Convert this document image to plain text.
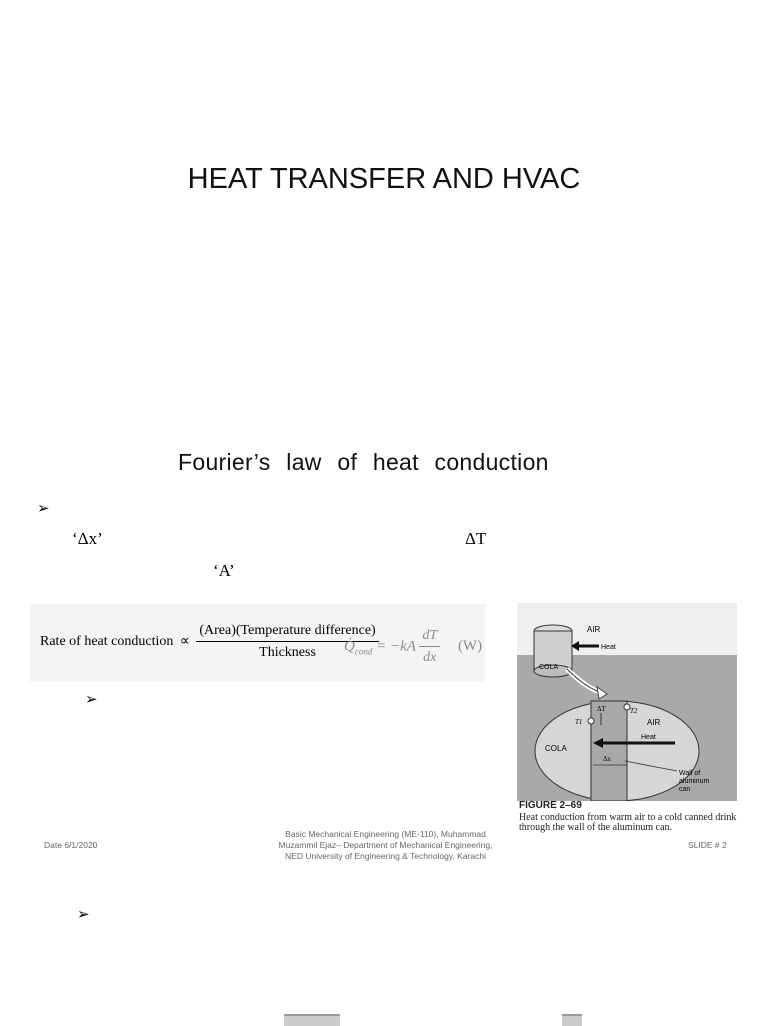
HEAT TRANSFER AND HVAC
Fourier’s law of heat conduction
➢
‘Δx’	ΔT
‘A’
Rate of heat conduction ∝ $\frac{\text{(Area)(Temperature difference)}}{\text{Thickness}}$
$Q̇_{cond} = -kA \frac{dT}{dx} (W)$
➢
AIR
Heat
COLA
ΔT
T1
T2
AIR
Heat
COLA
Δx
Wall of
aluminum
can
FIGURE 2–69
Heat conduction from warm air to a cold canned drink through the wall of the aluminum can.
Date 6/1/2020
Basic Mechanical Engineering (ME-110), Muhammad
Muzammil Ejaz– Department of Mechanical Engineering,
NED University of Engineering & Technology, Karachi
SLIDE # 2
➢
